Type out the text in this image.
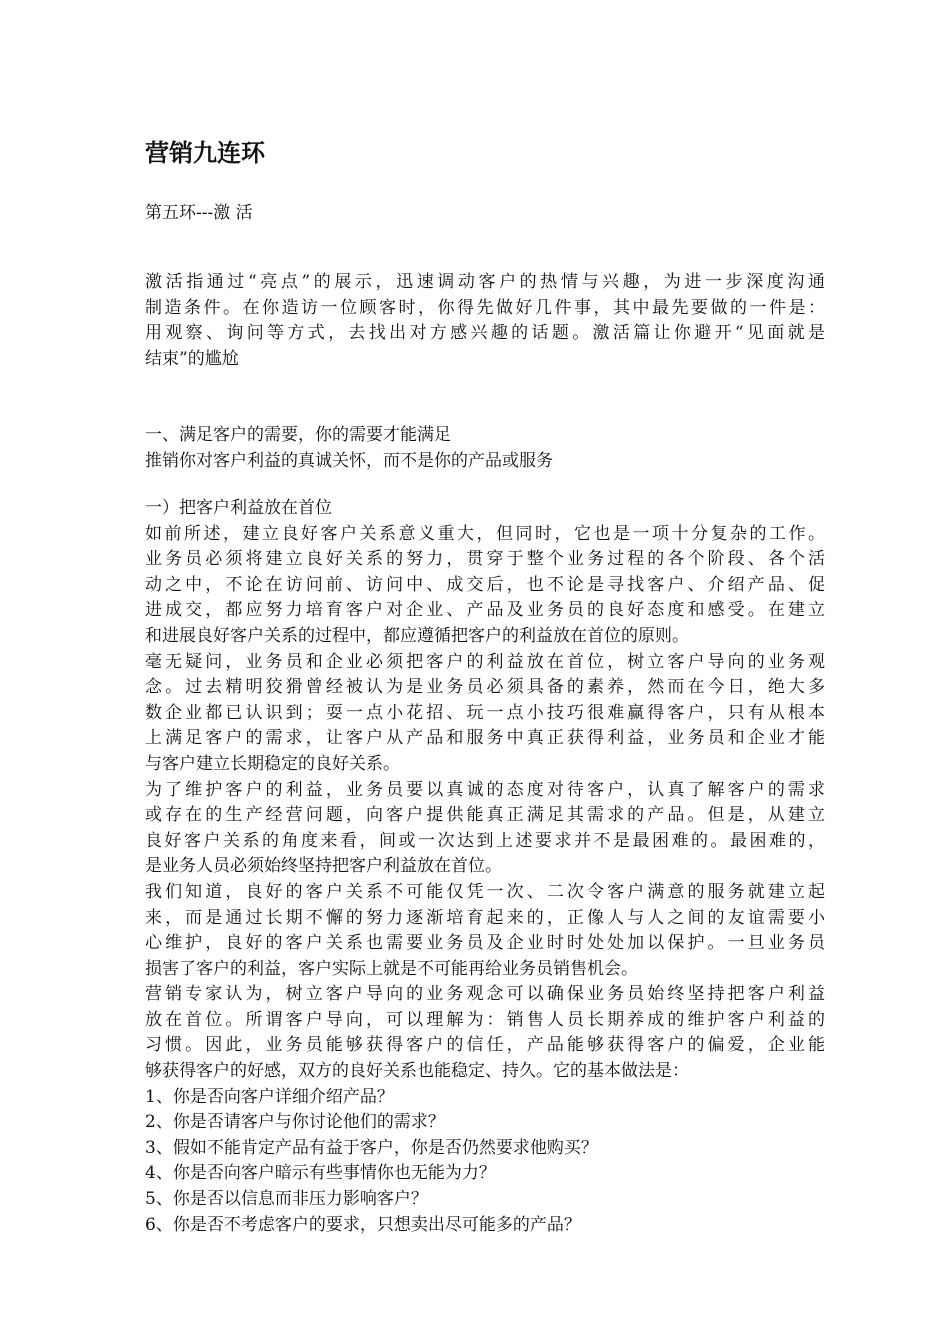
营销九连环
第五环---激 活
激活指通过“亮点”的展示，迅速调动客户的热情与兴趣，为进一步深度沟通
制造条件。在你造访一位顾客时，你得先做好几件事，其中最先要做的一件是：
用观察、询问等方式，去找出对方感兴趣的话题。激活篇让你避开“见面就是
结束”的尴尬
一、满足客户的需要，你的需要才能满足
推销你对客户利益的真诚关怀，而不是你的产品或服务
一）把客户利益放在首位
如前所述，建立良好客户关系意义重大，但同时，它也是一项十分复杂的工作。
业务员必须将建立良好关系的努力，贯穿于整个业务过程的各个阶段、各个活
动之中，不论在访问前、访问中、成交后，也不论是寻找客户、介绍产品、促
进成交，都应努力培育客户对企业、产品及业务员的良好态度和感受。在建立
和进展良好客户关系的过程中，都应遵循把客户的利益放在首位的原则。
毫无疑问，业务员和企业必须把客户的利益放在首位，树立客户导向的业务观
念。过去精明狡猾曾经被认为是业务员必须具备的素养，然而在今日，绝大多
数企业都已认识到；耍一点小花招、玩一点小技巧很难赢得客户，只有从根本
上满足客户的需求，让客户从产品和服务中真正获得利益，业务员和企业才能
与客户建立长期稳定的良好关系。
为了维护客户的利益，业务员要以真诚的态度对待客户，认真了解客户的需求
或存在的生产经营问题，向客户提供能真正满足其需求的产品。但是，从建立
良好客户关系的角度来看，间或一次达到上述要求并不是最困难的。最困难的，
是业务人员必须始终坚持把客户利益放在首位。
我们知道，良好的客户关系不可能仅凭一次、二次令客户满意的服务就建立起
来，而是通过长期不懈的努力逐渐培育起来的，正像人与人之间的友谊需要小
心维护，良好的客户关系也需要业务员及企业时时处处加以保护。一旦业务员
损害了客户的利益，客户实际上就是不可能再给业务员销售机会。
营销专家认为，树立客户导向的业务观念可以确保业务员始终坚持把客户利益
放在首位。所谓客户导向，可以理解为：销售人员长期养成的维护客户利益的
习惯。因此，业务员能够获得客户的信任，产品能够获得客户的偏爱，企业能
够获得客户的好感，双方的良好关系也能稳定、持久。它的基本做法是：
1、你是否向客户详细介绍产品？
2、你是否请客户与你讨论他们的需求？
3、假如不能肯定产品有益于客户，你是否仍然要求他购买？
4、你是否向客户暗示有些事情你也无能为力？
5、你是否以信息而非压力影响客户？
6、你是否不考虑客户的要求，只想卖出尽可能多的产品？
